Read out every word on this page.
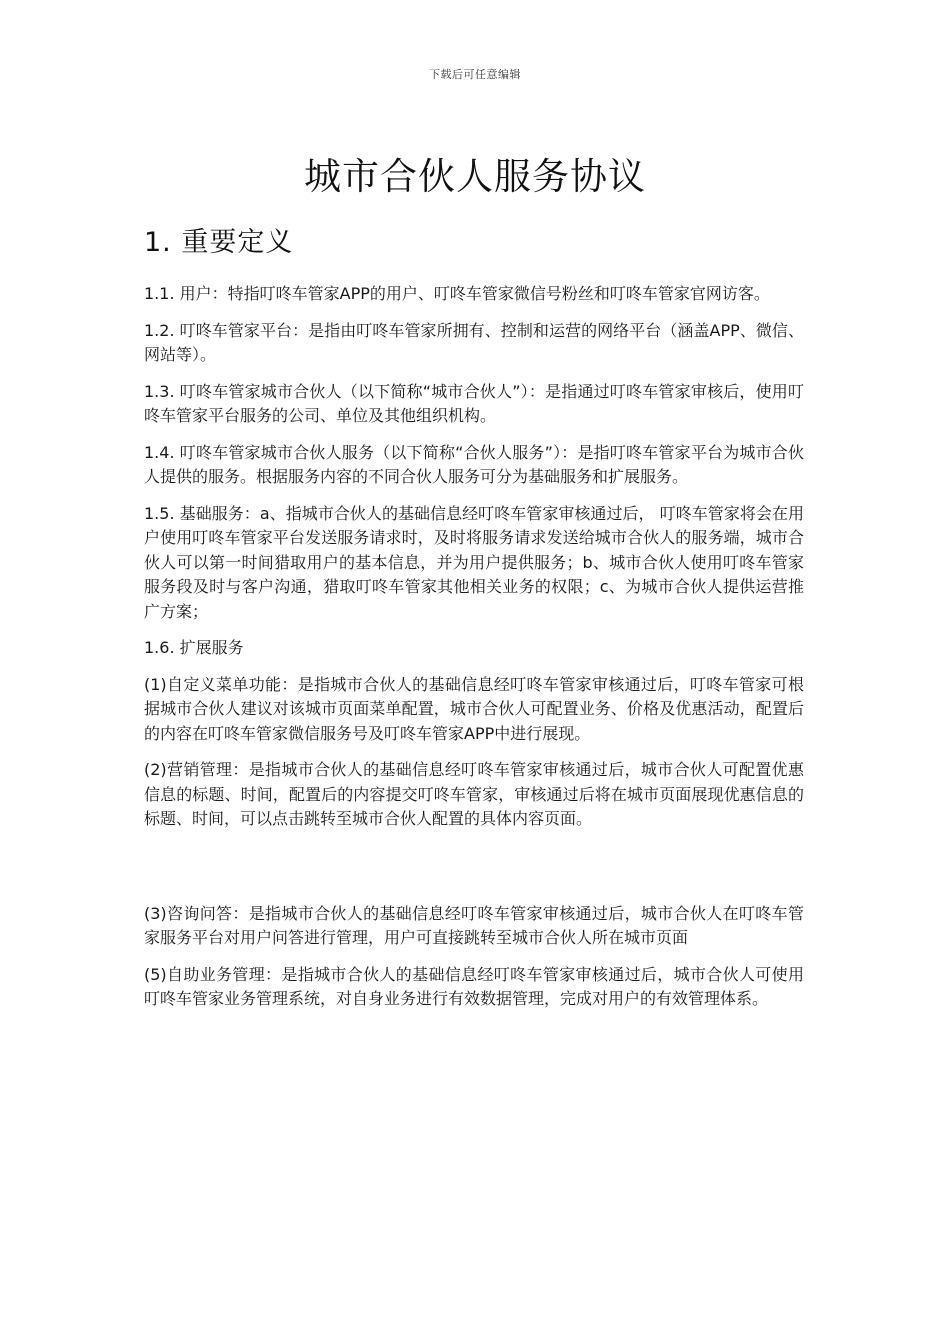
下载后可任意编辑
城市合伙人服务协议
1. 重要定义

1.1. 用户：特指叮咚车管家APP的用户、叮咚车管家微信号粉丝和叮咚车管家官网访客。

1.2. 叮咚车管家平台：是指由叮咚车管家所拥有、控制和运营的网络平台（涵盖APP、微信、网站等）。

1.3. 叮咚车管家城市合伙人（以下简称“城市合伙人”）：是指通过叮咚车管家审核后，使用叮咚车管家平台服务的公司、单位及其他组织机构。

1.4. 叮咚车管家城市合伙人服务（以下简称“合伙人服务”）：是指叮咚车管家平台为城市合伙人提供的服务。根据服务内容的不同合伙人服务可分为基础服务和扩展服务。

1.5. 基础服务：a、指城市合伙人的基础信息经叮咚车管家审核通过后， 叮咚车管家将会在用户使用叮咚车管家平台发送服务请求时，及时将服务请求发送给城市合伙人的服务端，城市合伙人可以第一时间猎取用户的基本信息，并为用户提供服务；b、城市合伙人使用叮咚车管家服务段及时与客户沟通，猎取叮咚车管家其他相关业务的权限；c、为城市合伙人提供运营推广方案；

1.6. 扩展服务

(1)自定义菜单功能：是指城市合伙人的基础信息经叮咚车管家审核通过后，叮咚车管家可根据城市合伙人建议对该城市页面菜单配置，城市合伙人可配置业务、价格及优惠活动，配置后的内容在叮咚车管家微信服务号及叮咚车管家APP中进行展现。

(2)营销管理：是指城市合伙人的基础信息经叮咚车管家审核通过后，城市合伙人可配置优惠信息的标题、时间，配置后的内容提交叮咚车管家，审核通过后将在城市页面展现优惠信息的标题、时间，可以点击跳转至城市合伙人配置的具体内容页面。

(3)咨询问答：是指城市合伙人的基础信息经叮咚车管家审核通过后，城市合伙人在叮咚车管家服务平台对用户问答进行管理，用户可直接跳转至城市合伙人所在城市页面

(5)自助业务管理：是指城市合伙人的基础信息经叮咚车管家审核通过后，城市合伙人可使用叮咚车管家业务管理系统，对自身业务进行有效数据管理，完成对用户的有效管理体系。
